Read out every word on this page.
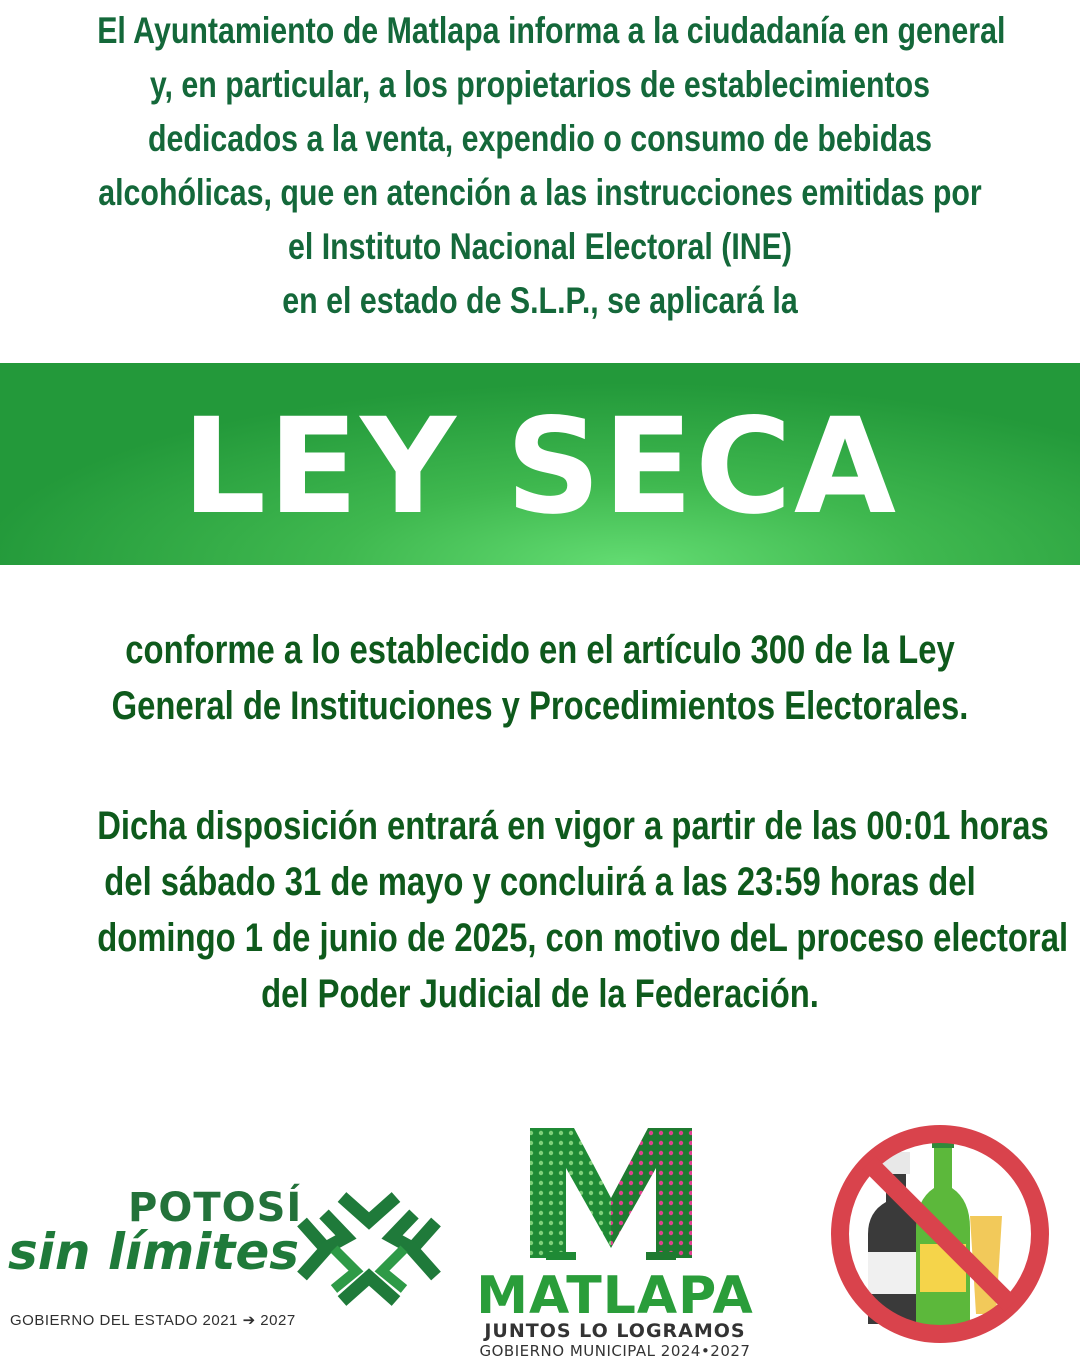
El Ayuntamiento de Matlapa informa a la ciudadanía en general
y, en particular, a los propietarios de establecimientos
dedicados a la venta, expendio o consumo de bebidas
alcohólicas, que en atención a las instrucciones emitidas por
el Instituto Nacional Electoral (INE)
en el estado de S.L.P., se aplicará la
LEY SECA
conforme a lo establecido en el artículo 300 de la Ley
General de Instituciones y Procedimientos Electorales.
Dicha disposición entrará en vigor a partir de las 00:01 horas
del sábado 31 de mayo y concluirá a las 23:59 horas del
domingo 1 de junio de 2025, con motivo deL proceso electoral
del Poder Judicial de la Federación.
POTOSÍ
sin límites
GOBIERNO DEL ESTADO 2021 ➔ 2027	MATLAPA
JUNTOS LO LOGRAMOS
GOBIERNO MUNICIPAL 2024•2027
